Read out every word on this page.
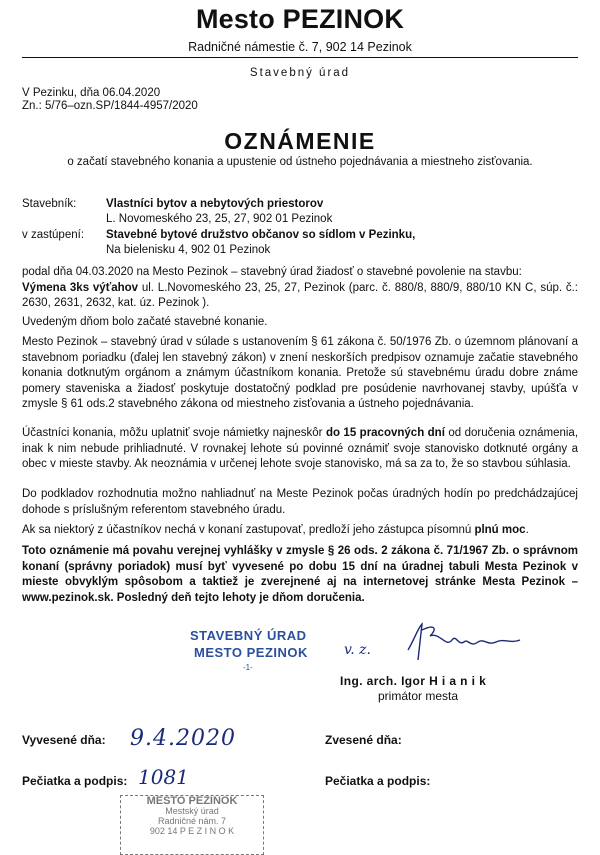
Mesto PEZINOK
Radničné námestie č. 7, 902 14 Pezinok
Stavebný úrad
V Pezinku, dňa 06.04.2020
Zn.: 5/76–ozn.SP/1844-4957/2020
OZNÁMENIE
o začatí stavebného konania a upustenie od ústneho pojednávania a miestneho zisťovania.
Stavebník:	Vlastníci bytov a nebytových priestorov
L. Novomeského 23, 25, 27, 902 01 Pezinok
v zastúpení: Stavebné bytové družstvo občanov so sídlom v Pezinku,
Na bielenisku 4, 902 01 Pezinok
podal dňa 04.03.2020 na Mesto Pezinok – stavebný úrad žiadosť o stavebné povolenie na stavbu:
Výmena 3ks výťahov ul. L.Novomeského 23, 25, 27, Pezinok (parc. č. 880/8, 880/9, 880/10 KN C, súp. č.: 2630, 2631, 2632, kat. úz. Pezinok ).
Uvedeným dňom bolo začaté stavebné konanie.
Mesto Pezinok – stavebný úrad v súlade s ustanovením § 61 zákona č. 50/1976 Zb. o územnom plánovaní a stavebnom poriadku (ďalej len stavebný zákon) v znení neskorších predpisov oznamuje začatie stavebného konania dotknutým orgánom a známym účastníkom konania. Pretože sú stavebnému úradu dobre známe pomery staveniska a žiadosť poskytuje dostatočný podklad pre posúdenie navrhovanej stavby, upúšťa v zmysle § 61 ods.2 stavebného zákona od miestneho zisťovania a ústneho pojednávania.
Účastníci konania, môžu uplatniť svoje námietky najneskôr do 15 pracovných dní od doručenia oznámenia, inak k nim nebude prihliadnuté. V rovnakej lehote sú povinné oznámiť svoje stanovisko dotknuté orgány a obec v mieste stavby. Ak neoznámia v určenej lehote svoje stanovisko, má sa za to, že so stavbou súhlasia.
Do podkladov rozhodnutia možno nahliadnuť na Meste Pezinok počas úradných hodín po predchádzajúcej dohode s príslušným referentom stavebného úradu.
Ak sa niektorý z účastníkov nechá v konaní zastupovať, predloží jeho zástupca písomnú plnú moc.
Toto oznámenie má povahu verejnej vyhlášky v zmysle § 26 ods. 2 zákona č. 71/1967 Zb. o správnom konaní (správny poriadok) musí byť vyvesené po dobu 15 dní na úradnej tabuli Mesta Pezinok v mieste obvyklým spôsobom a taktiež je zverejnené aj na internetovej stránke Mesta Pezinok – www.pezinok.sk. Posledný deň tejto lehoty je dňom doručenia.
STAVEBNÝ ÚRAD
MESTO PEZINOK
-1-
v. z.
Ing. arch. Igor H i a n i k
primátor mesta
Vyvesené dňa: 9.4.2020	Zvesené dňa:
Pečiatka a podpis: 1081	Pečiatka a podpis:
MESTO PEZINOK
Mestský úrad
Radničné nám. 7
902 14 P E Z I N O K
